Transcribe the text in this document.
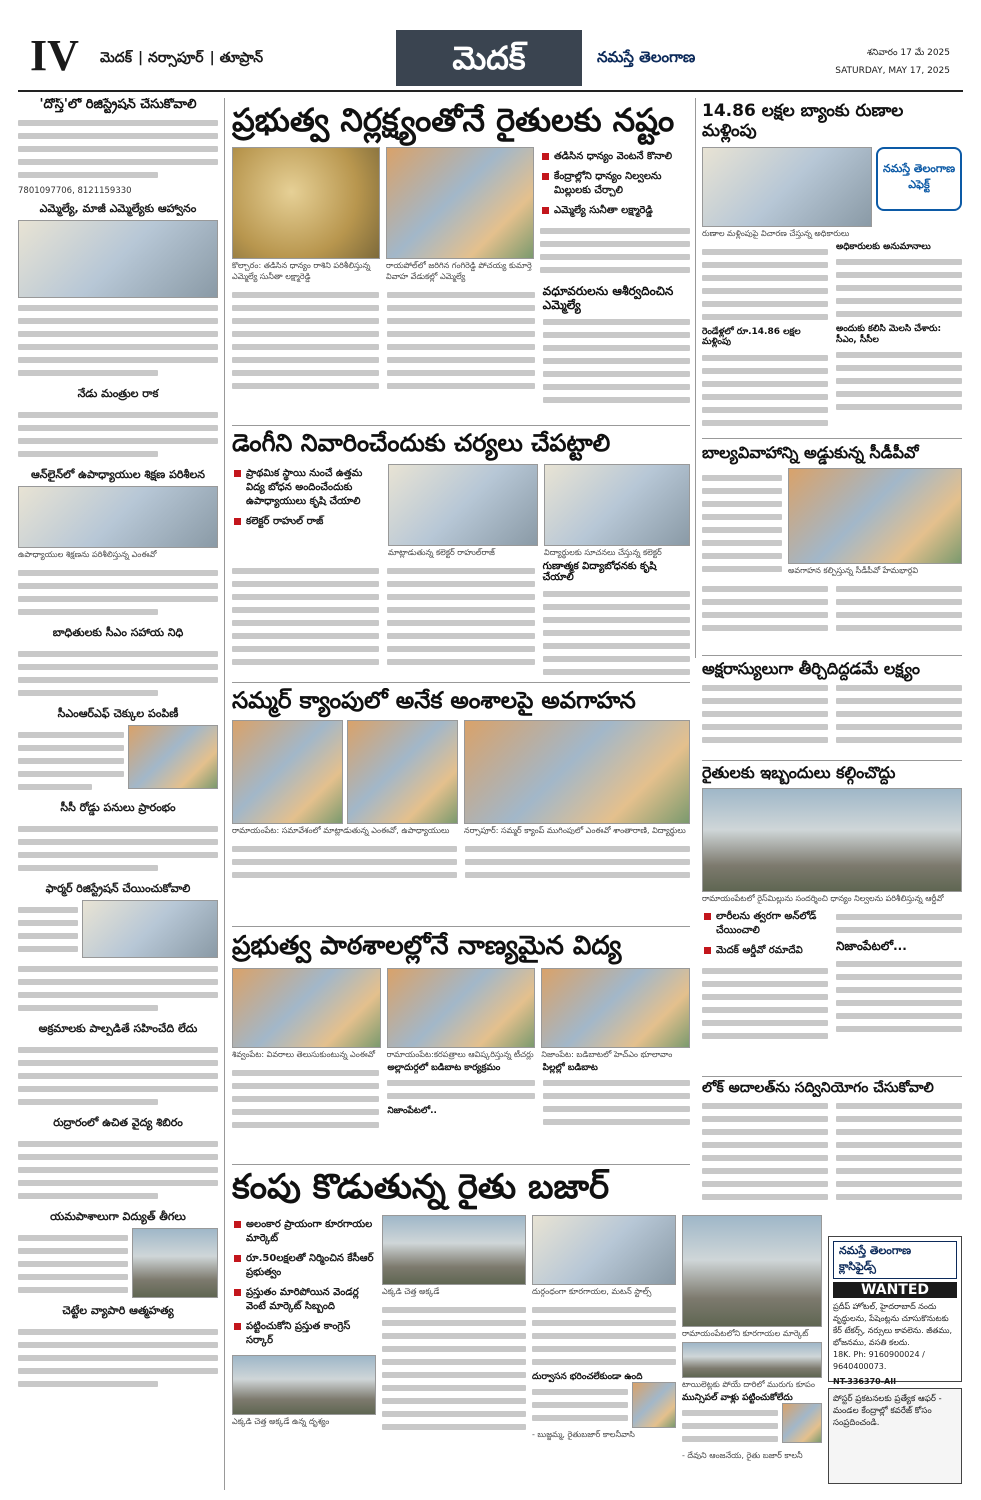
IV మెదక్ | నర్సాపూర్ | తూప్రాన్	మెదక్	నమస్తే తెలంగాణ	శనివారం 17 మే 2025
SATURDAY, MAY 17, 2025
'దోస్త్'లో రిజిస్ట్రేషన్ చేసుకోవాలి
7801097706, 8121159330
ఎమ్మెల్యే, మాజీ ఎమ్మెల్యేకు ఆహ్వానం
నేడు మంత్రుల రాక
ఆన్‌లైన్‌లో ఉపాధ్యాయుల శిక్షణ పరిశీలన
ఉపాధ్యాయుల శిక్షణను పరిశీలిస్తున్న ఎంఈవో
బాధితులకు సీఎం సహాయ నిధి
సీఎంఆర్‌ఎఫ్ చెక్కుల పంపిణీ
సీసీ రోడ్డు పనులు ప్రారంభం
ఫార్మర్ రిజిస్ట్రేషన్ చేయించుకోవాలి
అక్రమాలకు పాల్పడితే సహించేది లేదు
రుద్రారంలో ఉచిత వైద్య శిబిరం
యమపాశాలుగా విద్యుత్ తీగలు
చెట్టేల వ్యాపారి ఆత్మహత్య
ప్రభుత్వ నిర్లక్ష్యంతోనే రైతులకు నష్టం
కొల్చారం: తడిసిన ధాన్యం రాశిని పరిశీలిస్తున్న ఎమ్మెల్యే సునీతా లక్ష్మారెడ్డి
రాయపోల్‌లో జరిగిన గంగిరెడ్డి పోచయ్య కుమార్తె వివాహ వేడుకల్లో ఎమ్మెల్యే
తడిసిన ధాన్యం వెంటనే కొనాలి
కేంద్రాల్లోని ధాన్యం నిల్వలను మిల్లులకు చేర్చాలి
ఎమ్మెల్యే సునీతా లక్ష్మారెడ్డి
వధూవరులను ఆశీర్వదించిన ఎమ్మెల్యే
14.86 లక్షల బ్యాంకు రుణాల మళ్లింపు
నమస్తే తెలంగాణ ఎఫెక్ట్
రుణాల మళ్లింపుపై విచారణ చేస్తున్న అధికారులు
రెండేళ్లలో రూ.14.86 లక్షల మళ్లింపు
అధికారులకు అనుమానాలు
అందుకు కలిసి మెలసి చేశారు: సీఎం, సీసీల
డెంగీని నివారించేందుకు చర్యలు చేపట్టాలి
ప్రాథమిక స్థాయి నుంచే ఉత్తమ విద్య బోధన అందించేందుకు ఉపాధ్యాయులు కృషి చేయాలి
కలెక్టర్ రాహుల్ రాజ్
మాట్లాడుతున్న కలెక్టర్ రాహుల్‌రాజ్	విద్యార్థులకు సూచనలు చేస్తున్న కలెక్టర్
గుణాత్మక విద్యాబోధనకు కృషి చేయాలి
బాల్యవివాహాన్ని అడ్డుకున్న సీడీపీవో
అవగాహన కల్పిస్తున్న సీడీపీవో హేమభార్గవి
అక్షరాస్యులుగా తీర్చిదిద్దడమే లక్ష్యం
రైతులకు ఇబ్బందులు కల్గించొద్దు
రామాయంపేటలో రైస్‌మిల్లును సందర్శించి ధాన్యం నిల్వలను పరిశీలిస్తున్న ఆర్డీవో
లారీలను త్వరగా అన్‌లోడ్ చేయించాలి
మెదక్ ఆర్డీవో రమాదేవి	నిజాంపేటలో...
సమ్మర్ క్యాంపులో అనేక అంశాలపై అవగాహన
రామాయంపేట: సమావేశంలో మాట్లాడుతున్న ఎంఈవో, ఉపాధ్యాయులు	నర్సాపూర్: సమ్మర్ క్యాంప్ ముగింపులో ఎంఈవో శాంతారాణి, విద్యార్థులు
ప్రభుత్వ పాఠశాలల్లోనే నాణ్యమైన విద్య
శివ్వంపేట: వివరాలు తెలుసుకుంటున్న ఎంఈవో	రామాయంపేట:కరపత్రాలు ఆవిష్కరిస్తున్న టీచర్లు నిజాంపేట: బడిబాటలో హెచ్‌ఎం భూలావాం
అల్లాదుర్గలో బడిబాట కార్యక్రమం
నిజాంపేటలో..
పిల్లల్లో బడిబాట
లోక్ అదాలత్‌ను సద్వినియోగం చేసుకోవాలి
కంపు కొడుతున్న రైతు బజార్
అలంకార ప్రాయంగా కూరగాయల మార్కెట్
రూ.50లక్షలతో నిర్మించిన కేసీఆర్ ప్రభుత్వం
ప్రస్తుతం మారిపోయిన వెండర్ల వెంటే మార్కెట్ సిబ్బంది
పట్టించుకోని ప్రస్తుత కాంగ్రెస్ సర్కార్
ఎక్కడి చెత్త అక్కడే ఉన్న దృశ్యం
ఎక్కడి చెత్త అక్కడే	దుర్గంధంగా కూరగాయల, మటన్ స్టాల్స్
దుర్వాసన భరించలేకుండా ఉంది
- బుజ్జమ్మ, రైతుబజార్ కాలనీవాసి
రామాయంపేటలోని కూరగాయల మార్కెట్
టాయిలెట్లకు పోయే దారిలో మురుగు కూపం
మున్సిపల్ వాళ్లు పట్టించుకోలేదు
- దేవుని ఆంజనేయ, రైతు బజార్ కాలనీ
నమస్తే తెలంగాణ క్లాసిఫైడ్స్
WANTED
ప్రదీప్ హోటల్, హైదరాబాద్ నందు వృద్ధులను, పేషెంట్లను చూసుకొనుటకు కేర్ టేకర్స్, నర్సులు కావలెను. జీతము, భోజనము, వసతి కలదు.
18K. Ph: 9160900024 / 9640400073.
NT-336370-AII
పోస్టర్ ప్రకటనలకు ప్రత్యేక ఆఫర్ - మండల కేంద్రాల్లో కవరేజ్ కోసం సంప్రదించండి.
